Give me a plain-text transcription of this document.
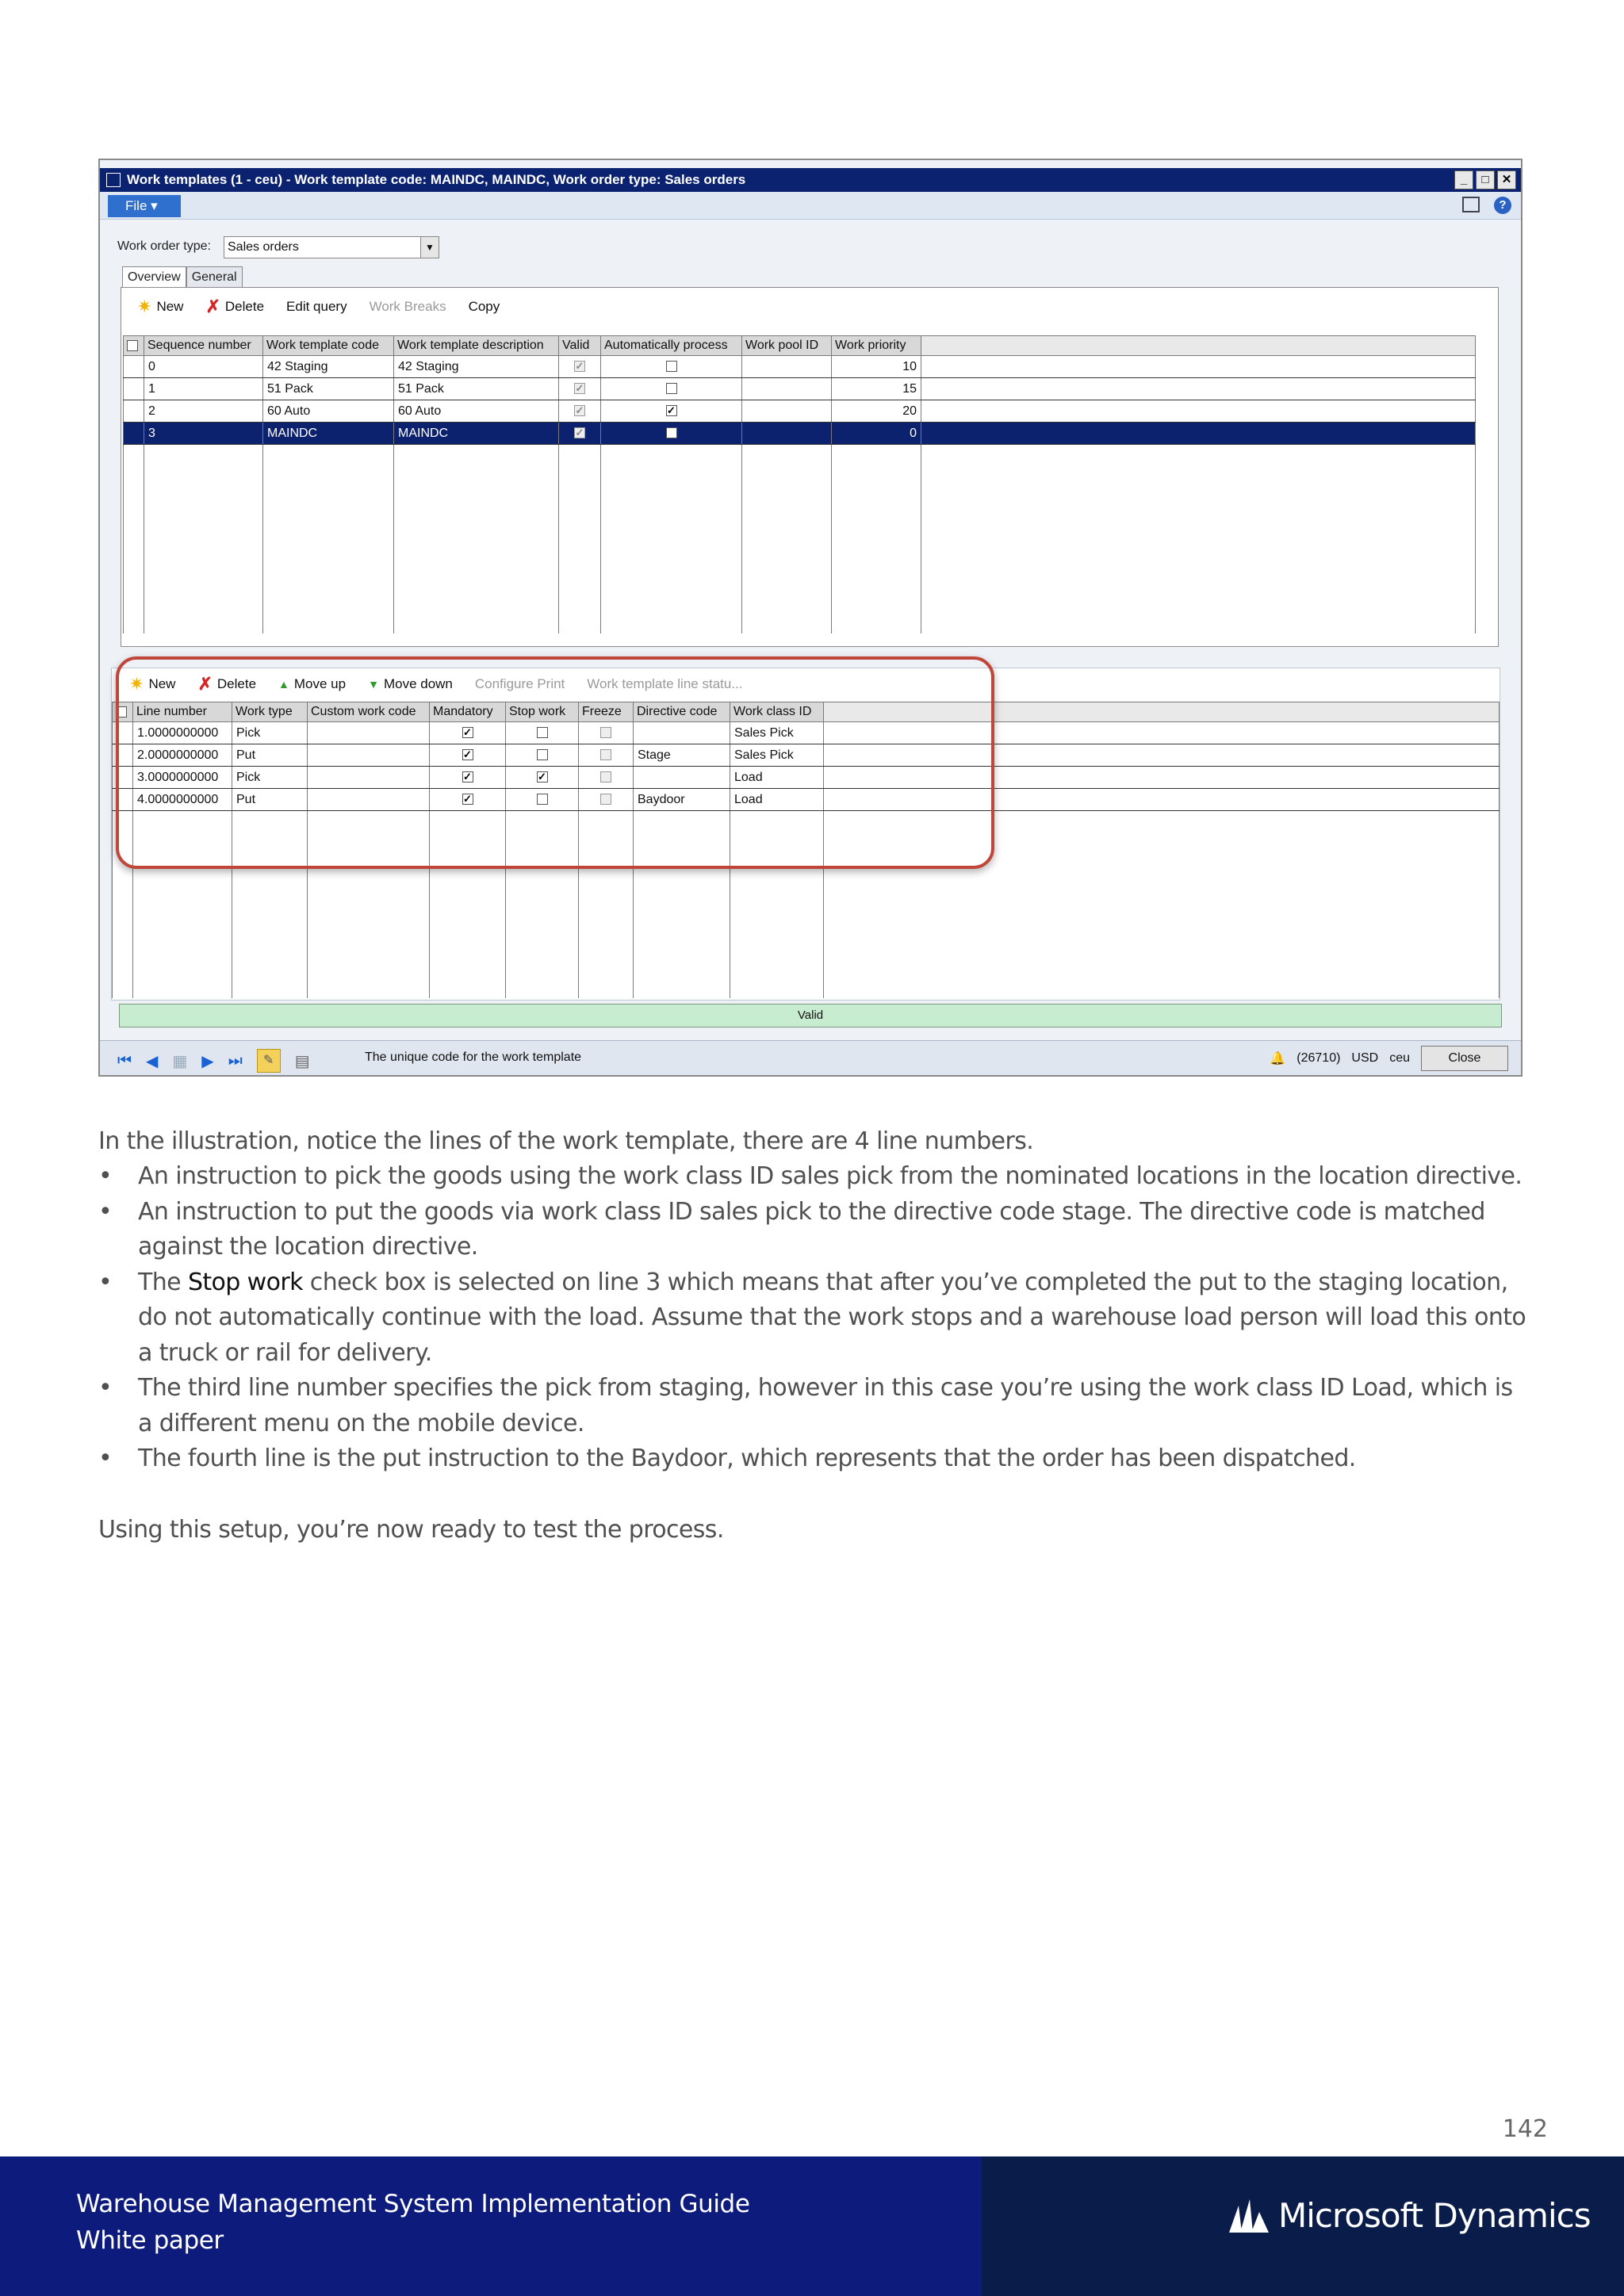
Work templates (1 - ceu) - Work template code: MAINDC, MAINDC, Work order type: Sales orders	_	□	✕
File ▾	?
Work order type:	Sales orders	▼
Overview General
✷ New ✗ Delete Edit query Work Breaks Copy
	Sequence number	Work template code	Work template description	Valid	Automatically process	Work pool ID	Work priority	
	0	42 Staging	42 Staging	✓			10	
	1	51 Pack	51 Pack	✓			15	
	2	60 Auto	60 Auto	✓	✓		20	
	3	MAINDC	MAINDC	✓			0	

✷ New ✗ Delete ▲ Move up ▼ Move down Configure Print Work template line statu...
	Line number	Work type	Custom work code	Mandatory	Stop work	Freeze	Directive code	Work class ID	
	1.0000000000	Pick		✓				Sales Pick	
	2.0000000000	Put		✓			Stage	Sales Pick	
	3.0000000000	Pick		✓	✓			Load	
	4.0000000000	Put		✓			Baydoor	Load	

Valid
⏮ ◀ ▦ ▶ ⏭	✎	▤	The unique code for the work template	🔔 (26710) USD ceu	Close
In the illustration, notice the lines of the work template, there are 4 line numbers.
• An instruction to pick the goods using the work class ID sales pick from the nominated locations in the location directive.
• An instruction to put the goods via work class ID sales pick to the directive code stage. The directive code is matched against the location directive.
• The Stop work check box is selected on line 3 which means that after you’ve completed the put to the staging location, do not automatically continue with the load. Assume that the work stops and a warehouse load person will load this onto a truck or rail for delivery.
• The third line number specifies the pick from staging, however in this case you’re using the work class ID Load, which is a different menu on the mobile device.
• The fourth line is the put instruction to the Baydoor, which represents that the order has been dispatched.
Using this setup, you’re now ready to test the process.
142
Warehouse Management System Implementation Guide
White paper
Microsoft Dynamics
